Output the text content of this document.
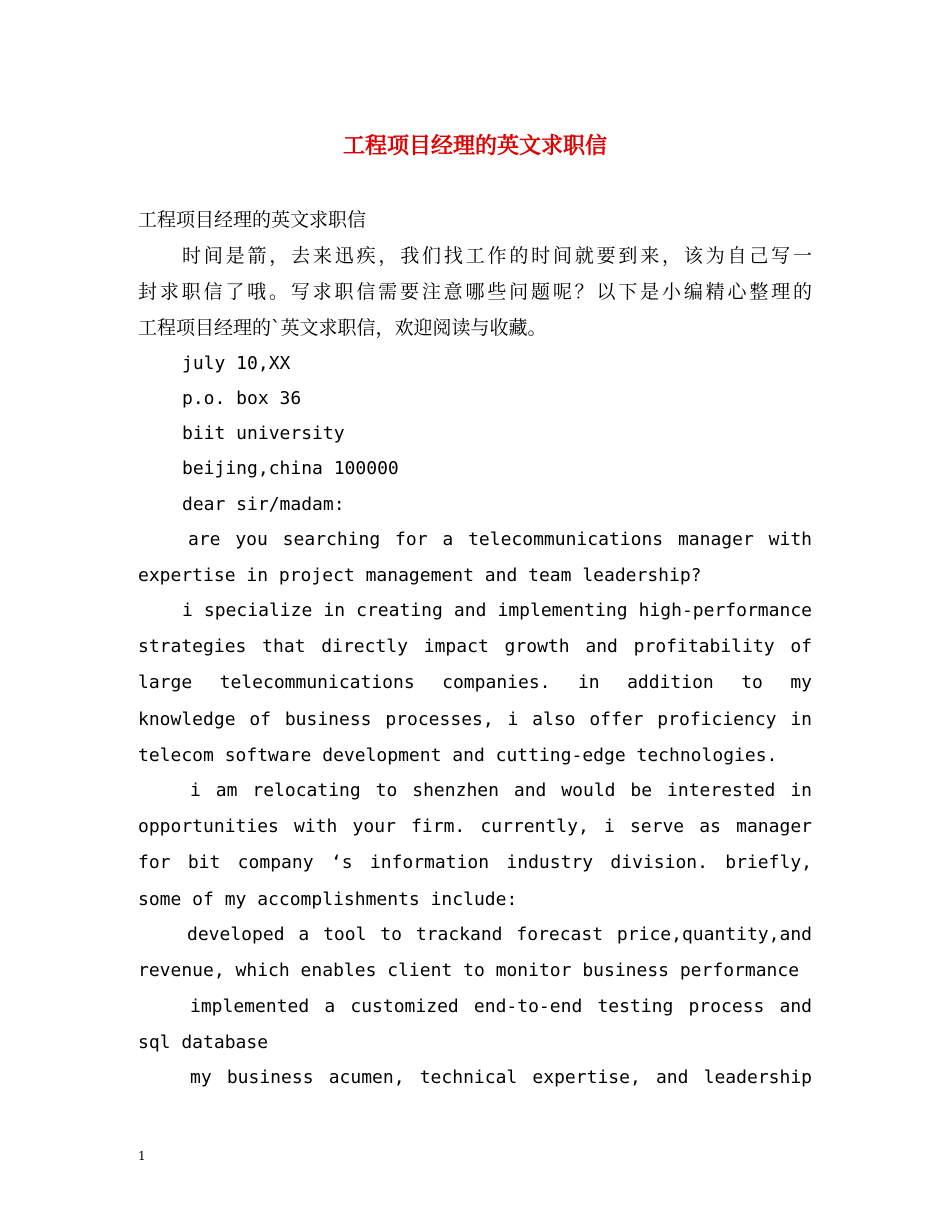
工程项目经理的英文求职信
工程项目经理的英文求职信
时间是箭，去来迅疾，我们找工作的时间就要到来，该为自己写一
封求职信了哦。写求职信需要注意哪些问题呢？以下是小编精心整理的
工程项目经理的`英文求职信，欢迎阅读与收藏。
july 10,XX
p.o. box 36
biit university
beijing,china 100000
dear sir/madam:
are you searching for a telecommunications manager with
expertise in project management and team leadership?
i specialize in creating and implementing high-performance
strategies that directly impact growth and profitability of
large telecommunications companies. in addition to my
knowledge of business processes, i also offer proficiency in
telecom software development and cutting-edge technologies.
i am relocating to shenzhen and would be interested in
opportunities with your firm. currently, i serve as manager
for bit company ‘s information industry division. briefly,
some of my accomplishments include:
developed a tool to trackand forecast price,quantity,and
revenue, which enables client to monitor business performance
implemented a customized end-to-end testing process and
sql database
my business acumen, technical expertise, and leadership
1
